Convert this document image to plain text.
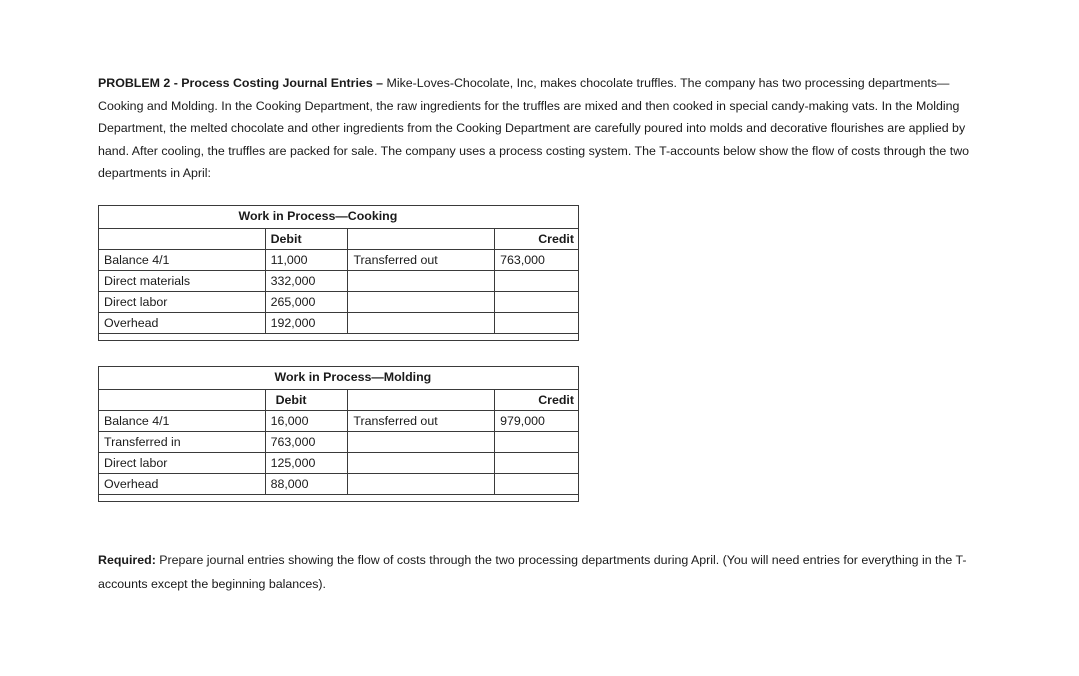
PROBLEM 2 - Process Costing Journal Entries – Mike-Loves-Chocolate, Inc, makes chocolate truffles. The company has two processing departments—Cooking and Molding. In the Cooking Department, the raw ingredients for the truffles are mixed and then cooked in special candy-making vats. In the Molding Department, the melted chocolate and other ingredients from the Cooking Department are carefully poured into molds and decorative flourishes are applied by hand. After cooling, the truffles are packed for sale. The company uses a process costing system. The T-accounts below show the flow of costs through the two departments in April:
Work in Process—Cooking			
	Debit		Credit
Balance 4/1	11,000	Transferred out	763,000
Direct materials	332,000		
Direct labor	265,000		
Overhead	192,000		
Work in Process—Molding			
	Debit		Credit
Balance 4/1	16,000	Transferred out	979,000
Transferred in	763,000		
Direct labor	125,000		
Overhead	88,000		
Required: Prepare journal entries showing the flow of costs through the two processing departments during April. (You will need entries for everything in the T-accounts except the beginning balances).
